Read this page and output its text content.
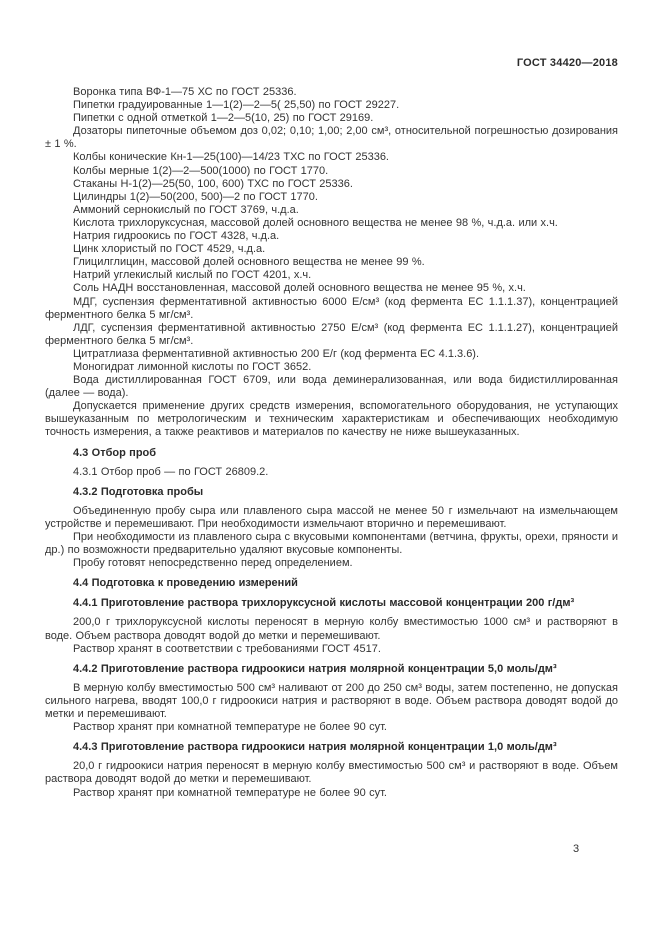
ГОСТ 34420—2018

Воронка типа ВФ-1—75 ХС по ГОСТ 25336.

Пипетки градуированные 1—1(2)—2—5( 25,50) по ГОСТ 29227.

Пипетки с одной отметкой 1—2—5(10, 25) по ГОСТ 29169.

Дозаторы пипеточные объемом доз 0,02; 0,10; 1,00; 2,00 см³, относительной погрешностью дозирования ± 1 %.

Колбы конические Кн-1—25(100)—14/23 ТХС по ГОСТ 25336.

Колбы мерные 1(2)—2—500(1000) по ГОСТ 1770.

Стаканы Н-1(2)—25(50, 100, 600) ТХС по ГОСТ 25336.

Цилиндры 1(2)—50(200, 500)—2 по ГОСТ 1770.

Аммоний сернокислый по ГОСТ 3769, ч.д.а.

Кислота трихлоруксусная, массовой долей основного вещества не менее 98 %, ч.д.а. или х.ч.

Натрия гидроокись по ГОСТ 4328, ч.д.а.

Цинк хлористый по ГОСТ 4529, ч.д.а.

Глицилглицин, массовой долей основного вещества не менее 99 %.

Натрий углекислый кислый по ГОСТ 4201, х.ч.

Соль НАДН восстановленная, массовой долей основного вещества не менее 95 %, х.ч.

МДГ, суспензия ферментативной активностью 6000 Е/см³ (код фермента ЕС 1.1.1.37), концентрацией ферментного белка 5 мг/см³.

ЛДГ, суспензия ферментативной активностью 2750 Е/см³ (код фермента ЕС 1.1.1.27), концентрацией ферментного белка 5 мг/см³.

Цитратлиаза ферментативной активностью 200 Е/г (код фермента ЕС 4.1.3.6).

Моногидрат лимонной кислоты по ГОСТ 3652.

Вода дистиллированная ГОСТ 6709, или вода деминерализованная, или вода бидистиллированная (далее — вода).

Допускается применение других средств измерения, вспомогательного оборудования, не уступающих вышеуказанным по метрологическим и техническим характеристикам и обеспечивающих необходимую точность измерения, а также реактивов и материалов по качеству не ниже вышеуказанных.

4.3 Отбор проб

4.3.1 Отбор проб — по ГОСТ 26809.2.

4.3.2 Подготовка пробы

Объединенную пробу сыра или плавленого сыра массой не менее 50 г измельчают на измельчающем устройстве и перемешивают. При необходимости измельчают вторично и перемешивают.

При необходимости из плавленого сыра с вкусовыми компонентами (ветчина, фрукты, орехи, пряности и др.) по возможности предварительно удаляют вкусовые компоненты.

Пробу готовят непосредственно перед определением.

4.4 Подготовка к проведению измерений

4.4.1 Приготовление раствора трихлоруксусной кислоты массовой концентрации 200 г/дм³

200,0 г трихлоруксусной кислоты переносят в мерную колбу вместимостью 1000 см³ и растворяют в воде. Объем раствора доводят водой до метки и перемешивают.

Раствор хранят в соответствии с требованиями ГОСТ 4517.

4.4.2 Приготовление раствора гидроокиси натрия молярной концентрации 5,0 моль/дм³

В мерную колбу вместимостью 500 см³ наливают от 200 до 250 см³ воды, затем постепенно, не допуская сильного нагрева, вводят 100,0 г гидроокиси натрия и растворяют в воде. Объем раствора доводят водой до метки и перемешивают.

Раствор хранят при комнатной температуре не более 90 сут.

4.4.3 Приготовление раствора гидроокиси натрия молярной концентрации 1,0 моль/дм³

20,0 г гидроокиси натрия переносят в мерную колбу вместимостью 500 см³ и растворяют в воде. Объем раствора доводят водой до метки и перемешивают.

Раствор хранят при комнатной температуре не более 90 сут.

3
